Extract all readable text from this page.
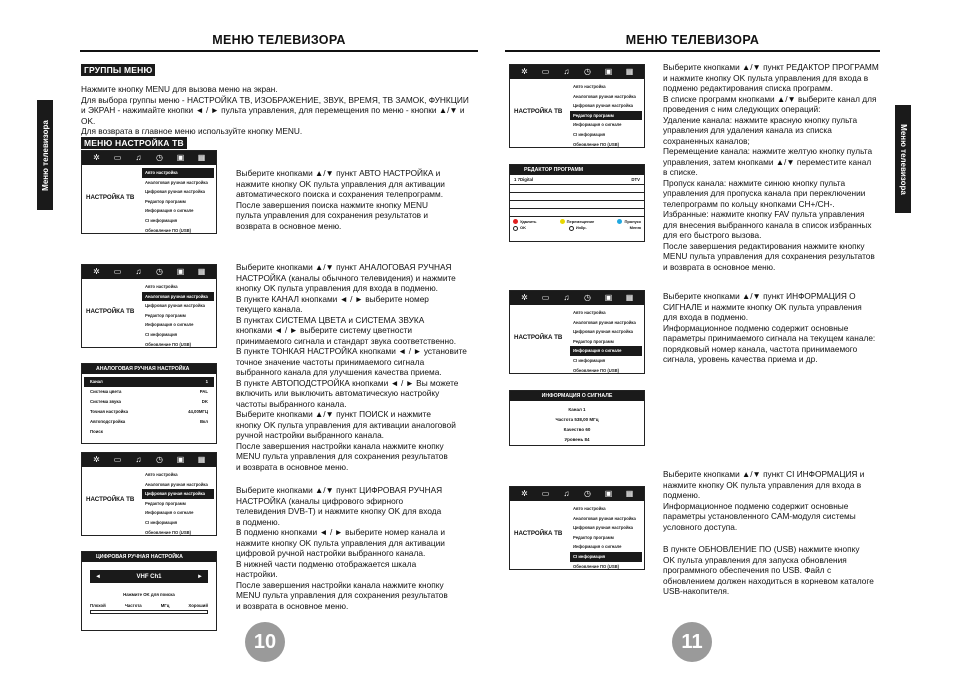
МЕНЮ ТЕЛЕВИЗОРА
Меню телевизора
ГРУППЫ МЕНЮ

Нажмите кнопку MENU для вызова меню на экран.

Для выбора группы меню - НАСТРОЙКА ТВ, ИЗОБРАЖЕНИЕ, ЗВУК, ВРЕМЯ, ТВ ЗАМОК, ФУНКЦИИ

и ЭКРАН - нажимайте кнопки ◄ / ► пульта управления, для перемещения по меню - кнопки ▲/▼ и OK.

Для возврата в главное меню используйте кнопку MENU.

МЕНЮ НАСТРОЙКА ТВ
✲ ▭ ♫ ◷ ▣ ▦
НАСТРОЙКА ТВ
Авто настройка
Аналоговая ручная настройка
Цифровая ручная настройка
Редактор программ
Информация о сигнале
CI информация
Обновление ПО (USB)

Выберите кнопками ▲/▼ пункт АВТО НАСТРОЙКА и

нажмите кнопку OK пульта управления для активации

автоматического поиска и сохранения телепрограмм.

После завершения поиска нажмите кнопку MENU

пульта управления для сохранения результатов и

возврата в основное меню.

✲ ▭ ♫ ◷ ▣ ▦
НАСТРОЙКА ТВ
Авто настройка
Аналоговая ручная настройка
Цифровая ручная настройка
Редактор программ
Информация о сигнале
CI информация
Обновление ПО (USB)
АНАЛОГОВАЯ РУЧНАЯ НАСТРОЙКА
Канал	1
Система цвета	PAL
Система звука	DK
Точная настройка	44,00МГЦ
Автоподстройка	Вкл
Поиск

Выберите кнопками ▲/▼ пункт АНАЛОГОВАЯ РУЧНАЯ

НАСТРОЙКА (каналы обычного телевидения) и нажмите

кнопку OK пульта управления для входа в подменю.

В пункте КАНАЛ кнопками ◄ / ► выберите номер

текущего канала.

В пунктах СИСТЕМА ЦВЕТА и СИСТЕМА ЗВУКА

кнопками ◄ / ► выберите систему цветности

принимаемого сигнала и стандарт звука соответственно.

В пункте ТОНКАЯ НАСТРОЙКА кнопками ◄ / ► установите

точное значение частоты принимаемого сигнала

выбранного канала для улучшения качества приема.

В пункте АВТОПОДСТРОЙКА кнопками ◄ / ► Вы можете

включить или выключить автоматическую настройку

частоты выбранного канала.

Выберите кнопками ▲/▼ пункт ПОИСК и нажмите

кнопку OK пульта управления для активации аналоговой

ручной настройки выбранного канала.

После завершения настройки канала нажмите кнопку

MENU пульта управления для сохранения результатов

и возврата в основное меню.

✲ ▭ ♫ ◷ ▣ ▦
НАСТРОЙКА ТВ
Авто настройка
Аналоговая ручная настройка
Цифровая ручная настройка
Редактор программ
Информация о сигнале
CI информация
Обновление ПО (USB)
ЦИФРОВАЯ РУЧНАЯ НАСТРОЙКА
◄	VHF Ch1	►
Нажмите OK для поиска
Плохой	Частота	МГц	Хороший

Выберите кнопками ▲/▼ пункт ЦИФРОВАЯ РУЧНАЯ

НАСТРОЙКА (каналы цифрового эфирного

телевидения DVB-T) и нажмите кнопку OK для входа

в подменю.

В подменю кнопками ◄ / ► выберите номер канала и

нажмите кнопку OK пульта управления для активации

цифровой ручной настройки выбранного канала.

В нижней части подменю отображается шкала

настройки.

После завершения настройки канала нажмите кнопку

MENU пульта управления для сохранения результатов

и возврата в основное меню.

10
МЕНЮ ТЕЛЕВИЗОРА
Меню телевизора
✲ ▭ ♫ ◷ ▣ ▦
НАСТРОЙКА ТВ
Авто настройка
Аналоговая ручная настройка
Цифровая ручная настройка
Редактор программ
Информация о сигнале
CI информация
Обновление ПО (USB)
РЕДАКТОР ПРОГРАММ
1 7Digital	DTV
Удалить	Перемещение	Пропуск
OK	Избр.	Меню

Выберите кнопками ▲/▼ пункт РЕДАКТОР ПРОГРАММ

и нажмите кнопку OK пульта управления для входа в

подменю редактирования списка программ.

В списке программ кнопками ▲/▼ выберите канал для

проведения с ним следующих операций:

Удаление канала: нажмите красную кнопку пульта

управления для удаления канала из списка

сохраненных каналов;

Перемещение канала: нажмите желтую кнопку пульта

управления, затем кнопками ▲/▼ переместите канал

в списке.

Пропуск канала: нажмите синюю кнопку пульта

управления для пропуска канала при переключении

телепрограмм по кольцу кнопками CH+/CH-.

Избранные: нажмите кнопку FAV пульта управления

для внесения выбранного канала в список избранных

для его быстрого вызова.

После завершения редактирования нажмите кнопку

MENU пульта управления для сохранения результатов

и возврата в основное меню.

✲ ▭ ♫ ◷ ▣ ▦
НАСТРОЙКА ТВ
Авто настройка
Аналоговая ручная настройка
Цифровая ручная настройка
Редактор программ
Информация о сигнале
CI информация
Обновление ПО (USB)
ИНФОРМАЦИЯ О СИГНАЛЕ
Канал 1
Частота 538,00 МГц
Качество 60
Уровень 84

Выберите кнопками ▲/▼ пункт ИНФОРМАЦИЯ О

СИГНАЛЕ и нажмите кнопку OK пульта управления

для входа в подменю.

Информационное подменю содержит основные

параметры принимаемого сигнала на текущем канале:

порядковый номер канала, частота принимаемого

сигнала, уровень качества приема и др.

✲ ▭ ♫ ◷ ▣ ▦
НАСТРОЙКА ТВ
Авто настройка
Аналоговая ручная настройка
Цифровая ручная настройка
Редактор программ
Информация о сигнале
CI информация
Обновление ПО (USB)

Выберите кнопками ▲/▼ пункт CI ИНФОРМАЦИЯ и

нажмите кнопку OK пульта управления для входа в

подменю.

Информационное подменю содержит основные

параметры установленного CAM-модуля системы

условного доступа.

В пункте ОБНОВЛЕНИЕ ПО (USB) нажмите кнопку

OK пульта управления для запуска обновления

программного обеспечения по USB. Файл с

обновлением должен находиться в корневом каталоге

USB-накопителя.

11
